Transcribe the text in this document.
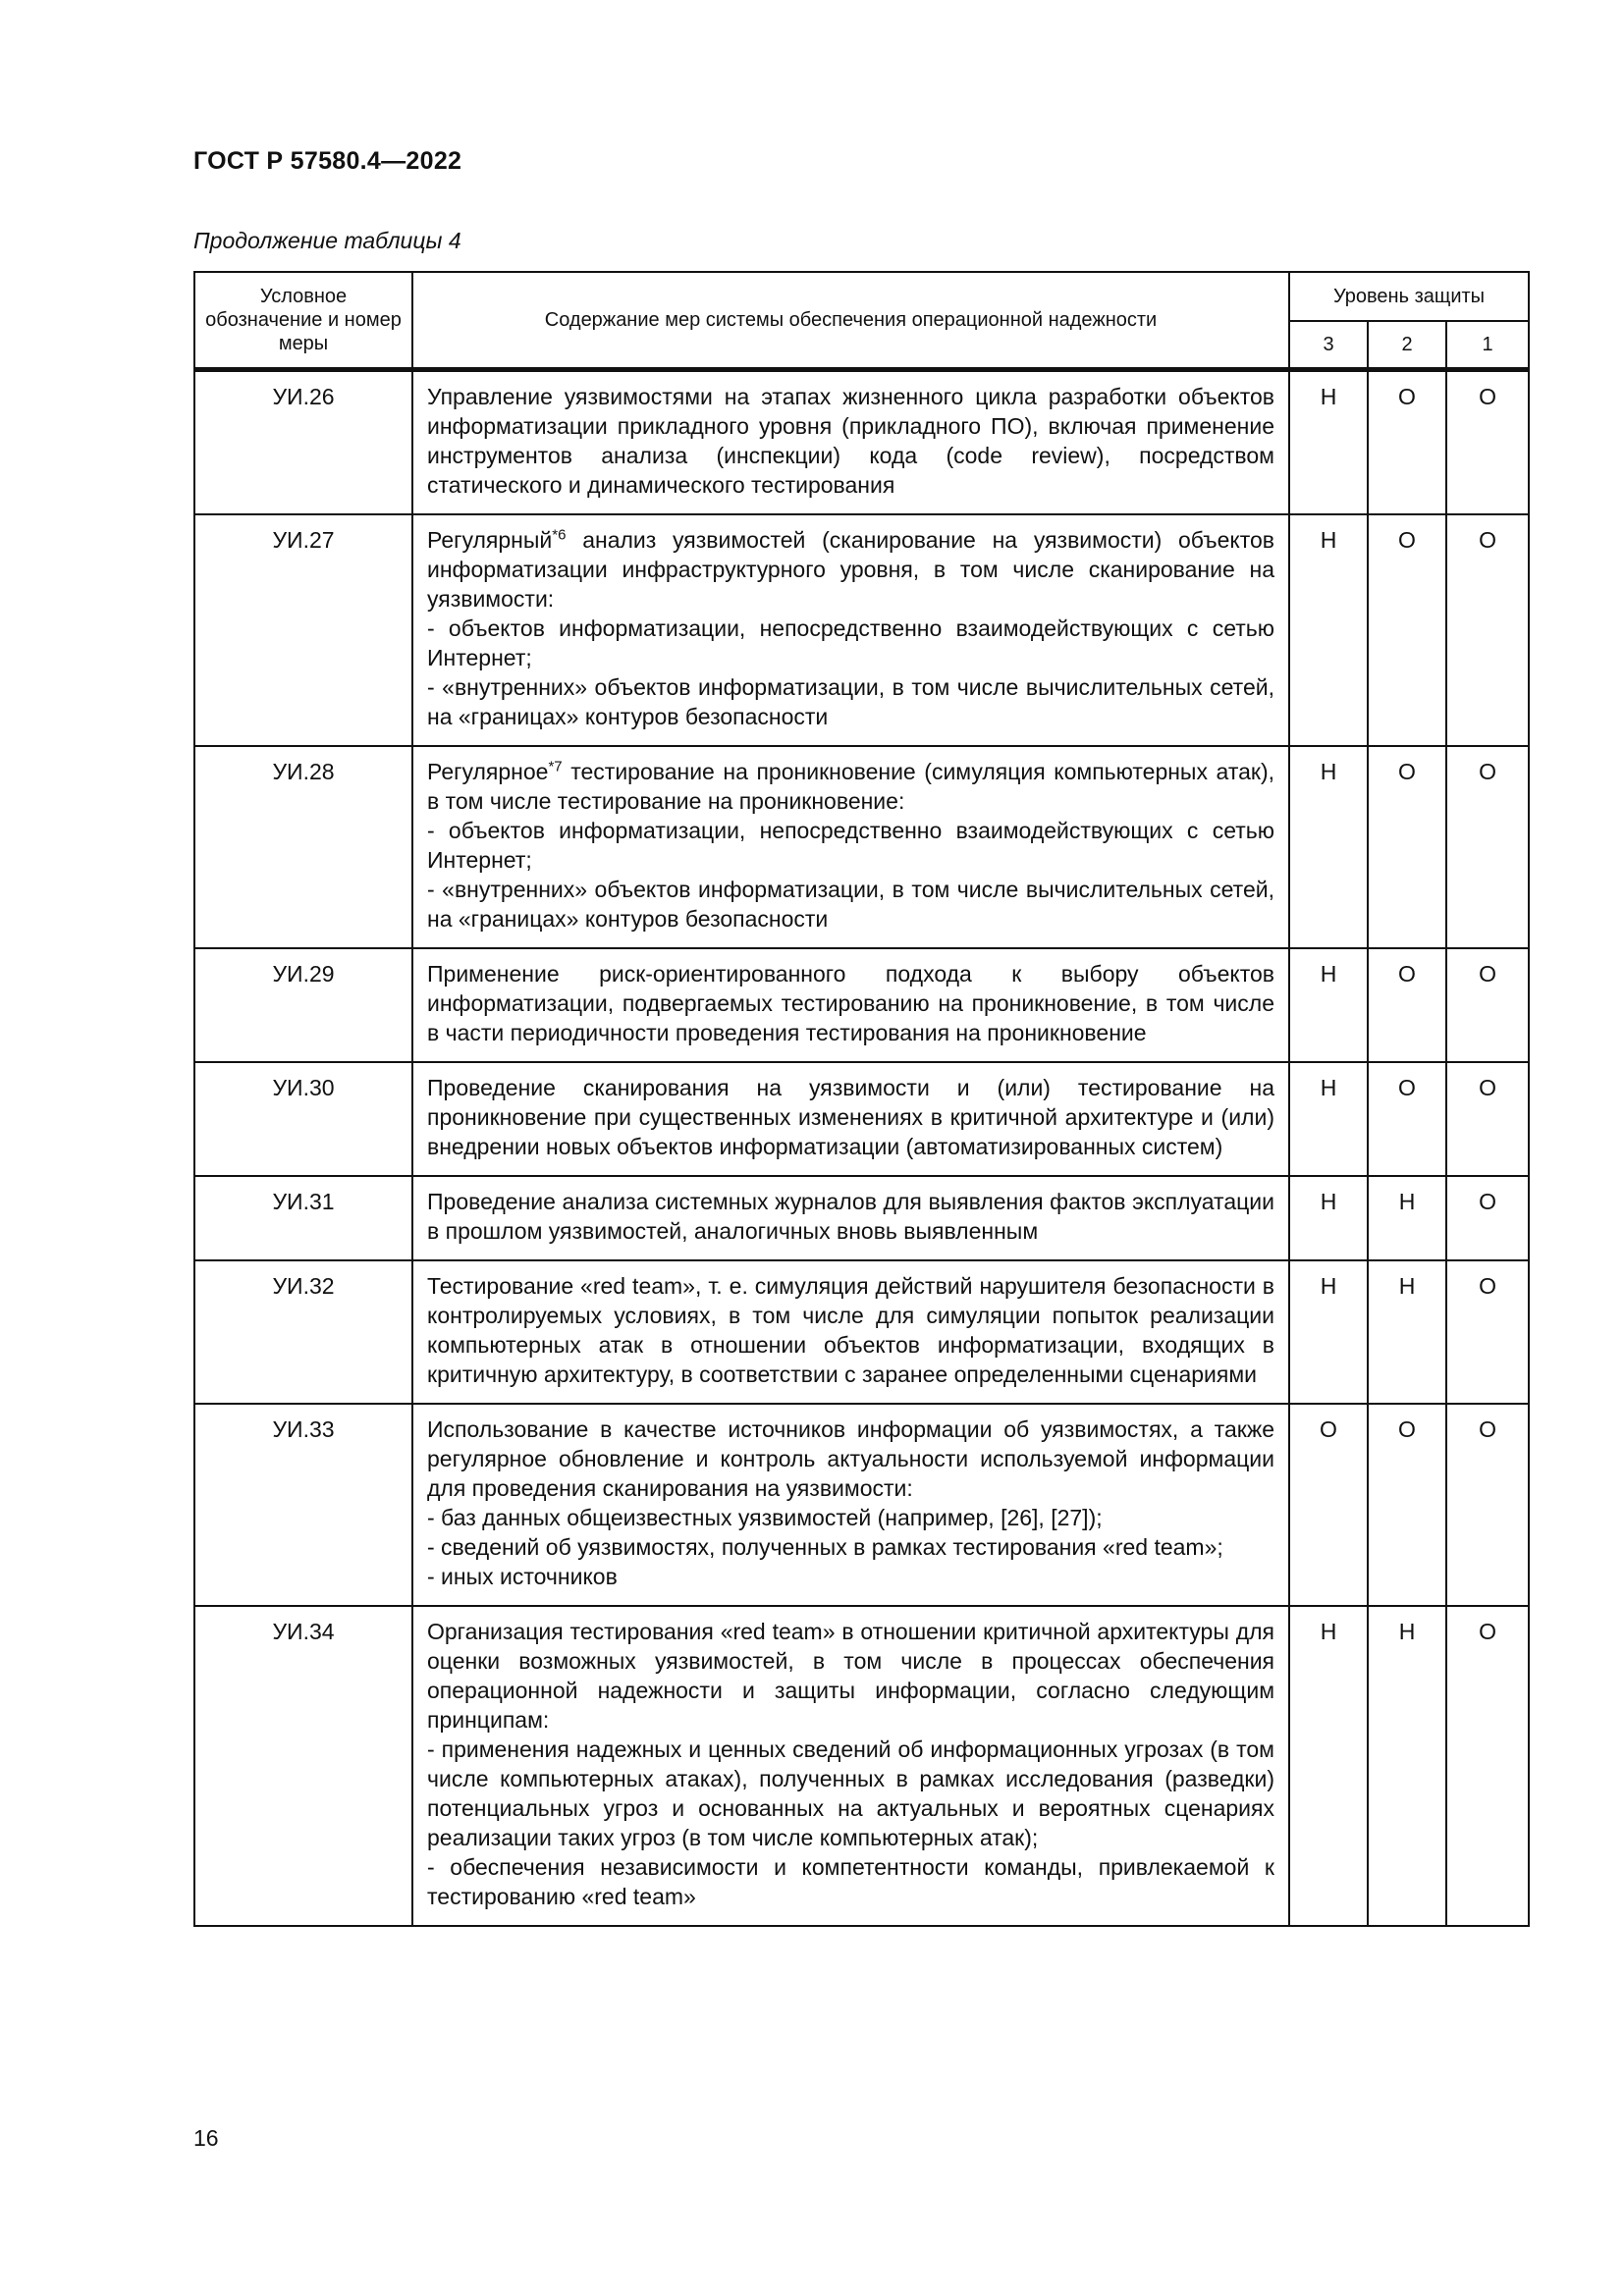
ГОСТ Р 57580.4—2022
Продолжение таблицы 4
Условное обозначение и номер меры	Содержание мер системы обеспечения операционной надежности	Уровень защиты		
		3	2	1
УИ.26	Управление уязвимостями на этапах жизненного цикла разработки объектов информатизации прикладного уровня (прикладного ПО), включая применение инструментов анализа (инспекции) кода (code review), посредством статического и динамического тестирования	Н	О	О
УИ.27	Регулярный$^{*6}$ анализ уязвимостей (сканирование на уязвимости) объектов информатизации инфраструктурного уровня, в том числе сканирование на уязвимости:
- объектов информатизации, непосредственно взаимодействующих с сетью Интернет;
- «внутренних» объектов информатизации, в том числе вычислительных сетей, на «границах» контуров безопасности	Н	О	О
УИ.28	Регулярное$^{*7}$ тестирование на проникновение (симуляция компьютерных атак), в том числе тестирование на проникновение:
- объектов информатизации, непосредственно взаимодействующих с сетью Интернет;
- «внутренних» объектов информатизации, в том числе вычислительных сетей, на «границах» контуров безопасности	Н	О	О
УИ.29	Применение риск-ориентированного подхода к выбору объектов информатизации, подвергаемых тестированию на проникновение, в том числе в части периодичности проведения тестирования на проникновение	Н	О	О
УИ.30	Проведение сканирования на уязвимости и (или) тестирование на проникновение при существенных изменениях в критичной архитектуре и (или) внедрении новых объектов информатизации (автоматизированных систем)	Н	О	О
УИ.31	Проведение анализа системных журналов для выявления фактов эксплуатации в прошлом уязвимостей, аналогичных вновь выявленным	Н	Н	О
УИ.32	Тестирование «red team», т. е. симуляция действий нарушителя безопасности в контролируемых условиях, в том числе для симуляции попыток реализации компьютерных атак в отношении объектов информатизации, входящих в критичную архитектуру, в соответствии с заранее определенными сценариями	Н	Н	О
УИ.33	Использование в качестве источников информации об уязвимостях, а также регулярное обновление и контроль актуальности используемой информации для проведения сканирования на уязвимости:
- баз данных общеизвестных уязвимостей (например, [26], [27]);
- сведений об уязвимостях, полученных в рамках тестирования «red team»;
- иных источников	О	О	О
УИ.34	Организация тестирования «red team» в отношении критичной архитектуры для оценки возможных уязвимостей, в том числе в процессах обеспечения операционной надежности и защиты информации, согласно следующим принципам:
- применения надежных и ценных сведений об информационных угрозах (в том числе компьютерных атаках), полученных в рамках исследования (разведки) потенциальных угроз и основанных на актуальных и вероятных сценариях реализации таких угроз (в том числе компьютерных атак);
- обеспечения независимости и компетентности команды, привлекаемой к тестированию «red team»	Н	Н	О
16
